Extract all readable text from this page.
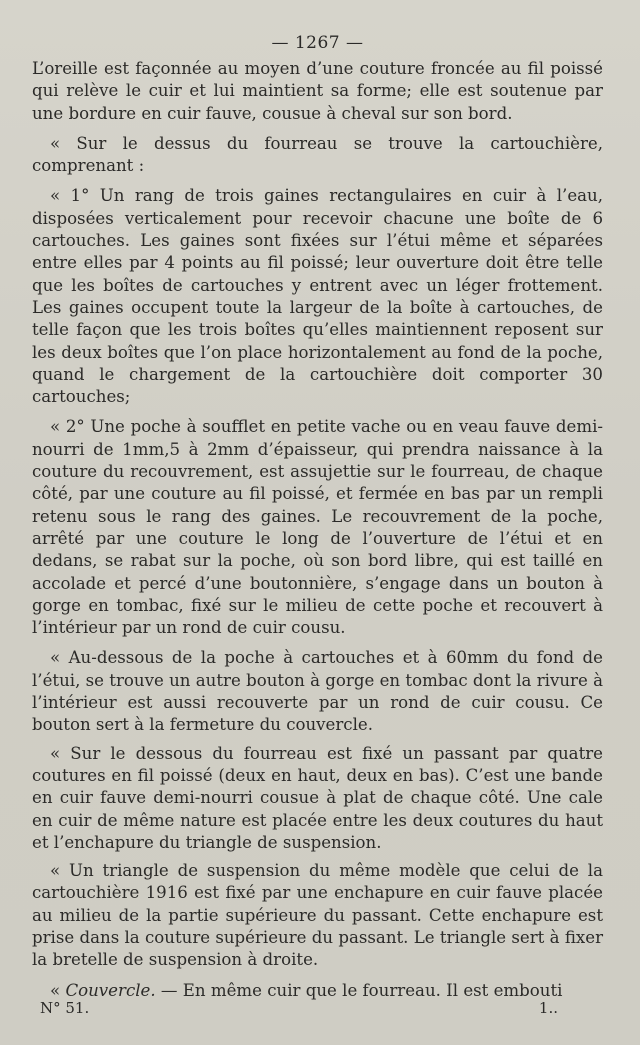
— 1267 —

L’oreille est façonnée au moyen d’une couture froncée au fil poissé qui relève le cuir et lui maintient sa forme; elle est soutenue par une bordure en cuir fauve, cousue à cheval sur son bord.

« Sur le dessus du fourreau se trouve la cartouchière, comprenant :

« 1° Un rang de trois gaines rectangulaires en cuir à l’eau, disposées verticalement pour recevoir chacune une boîte de 6 cartouches. Les gaines sont fixées sur l’étui même et séparées entre elles par 4 points au fil poissé; leur ouverture doit être telle que les boîtes de cartouches y entrent avec un léger frottement. Les gaines occupent toute la largeur de la boîte à cartouches, de telle façon que les trois boîtes qu’elles maintiennent reposent sur les deux boîtes que l’on place horizontalement au fond de la poche, quand le chargement de la cartouchière doit comporter 30 cartouches;

« 2° Une poche à soufflet en petite vache ou en veau fauve demi-nourri de 1mm,5 à 2mm d’épaisseur, qui prendra naissance à la couture du recouvrement, est assujettie sur le fourreau, de chaque côté, par une couture au fil poissé, et fermée en bas par un rempli retenu sous le rang des gaines. Le recouvrement de la poche, arrêté par une couture le long de l’ouverture de l’étui et en dedans, se rabat sur la poche, où son bord libre, qui est taillé en accolade et percé d’une boutonnière, s’engage dans un bouton à gorge en tombac, fixé sur le milieu de cette poche et recouvert à l’intérieur par un rond de cuir cousu.

« Au-dessous de la poche à cartouches et à 60mm du fond de l’étui, se trouve un autre bouton à gorge en tombac dont la rivure à l’intérieur est aussi recouverte par un rond de cuir cousu. Ce bouton sert à la fermeture du couvercle.

« Sur le dessous du fourreau est fixé un passant par quatre coutures en fil poissé (deux en haut, deux en bas). C’est une bande en cuir fauve demi-nourri cousue à plat de chaque côté. Une cale en cuir de même nature est placée entre les deux coutures du haut et l’enchapure du triangle de suspension.

« Un triangle de suspension du même modèle que celui de la cartouchière 1916 est fixé par une enchapure en cuir fauve placée au milieu de la partie supérieure du passant. Cette enchapure est prise dans la couture supérieure du passant. Le triangle sert à fixer la bretelle de suspension à droite.

« Couvercle. — En même cuir que le fourreau. Il est embouti

N° 51.	1..
